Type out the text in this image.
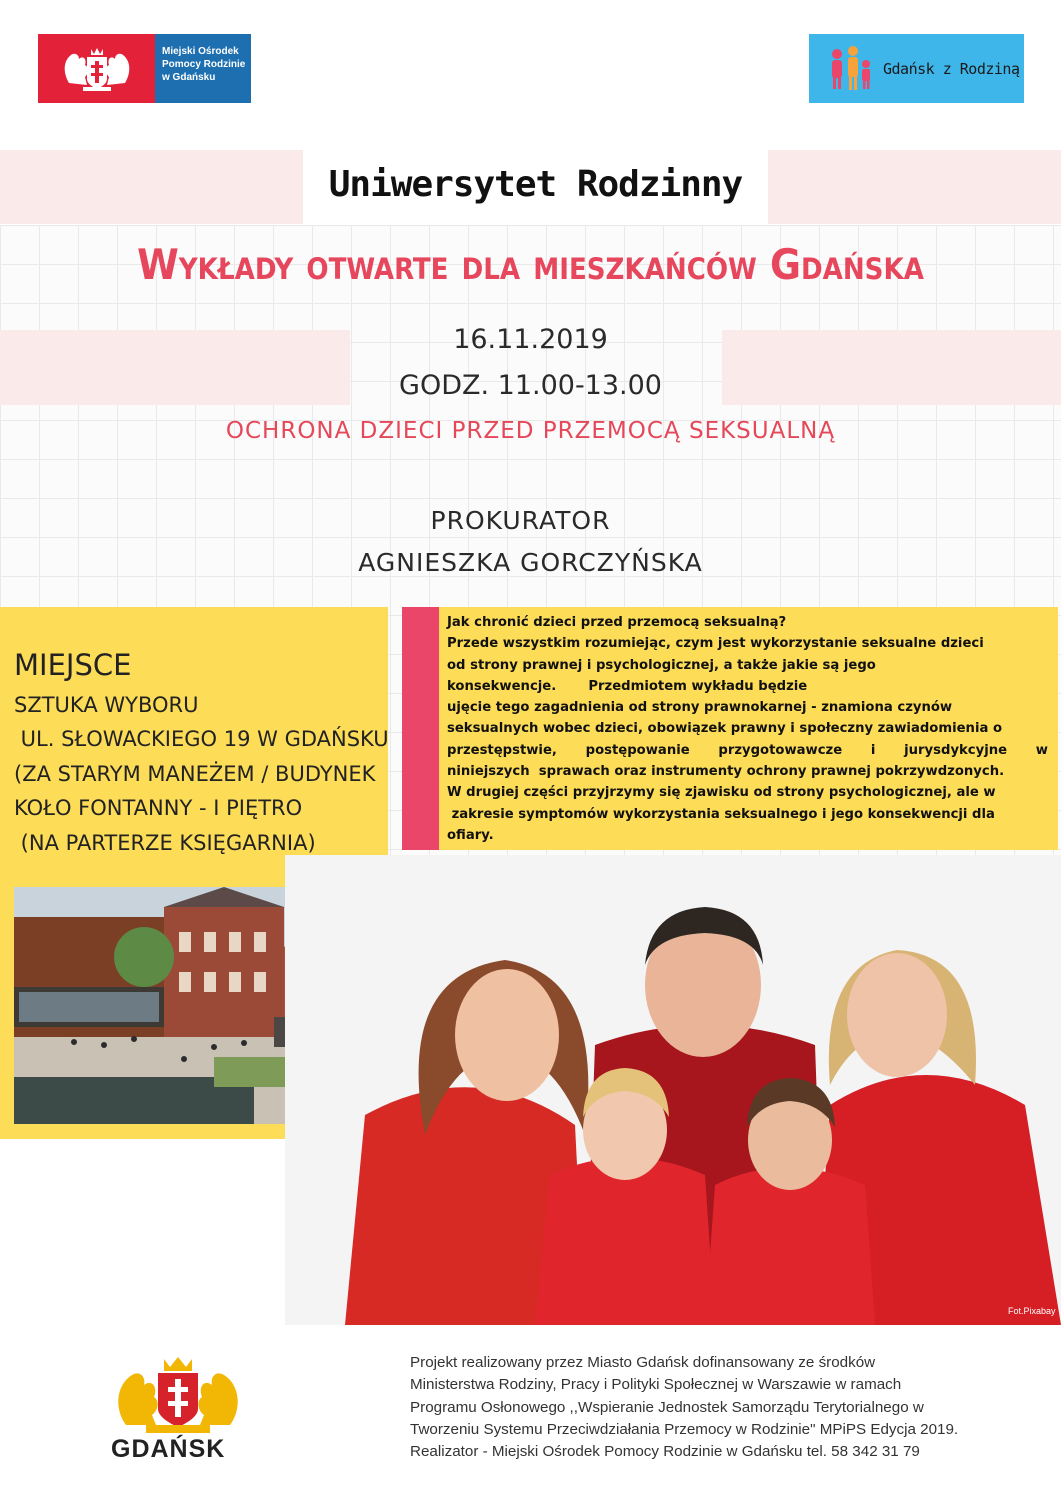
Miejski Ośrodek
Pomocy Rodzinie
w Gdańsku	Gdańsk z Rodziną
Uniwersytet Rodzinny
Wykłady otwarte dla mieszkańców Gdańska
16.11.2019
GODZ. 11.00-13.00
OCHRONA DZIECI PRZED PRZEMOCĄ SEKSUALNĄ
PROKURATOR
AGNIESZKA GORCZYŃSKA
MIEJSCE
SZTUKA WYBORU
UL. SŁOWACKIEGO 19 W GDAŃSKU
(ZA STARYM MANEŻEM / BUDYNEK
KOŁO FONTANNY - I PIĘTRO
(NA PARTERZE KSIĘGARNIA)
Jak chronić dzieci przed przemocą seksualną?
Przede wszystkim rozumiejąc, czym jest wykorzystanie seksualne dzieci
od strony prawnej i psychologicznej, a także jakie są jego
konsekwencje.       Przedmiotem wykładu będzie
ujęcie tego zagadnienia od strony prawnokarnej - znamiona czynów
seksualnych wobec dzieci, obowiązek prawny i społeczny zawiadomienia o
przestępstwie, postępowanie przygotowawcze i jurysdykcyjne w
niniejszych  sprawach oraz instrumenty ochrony prawnej pokrzywdzonych.
W drugiej części przyjrzymy się zjawisku od strony psychologicznej, ale w
zakresie symptomów wykorzystania seksualnego i jego konsekwencji dla
ofiary.
Fot.Pixabay
GDAŃSK
Projekt realizowany przez Miasto Gdańsk dofinansowany ze środków
Ministerstwa Rodziny, Pracy i Polityki Społecznej w Warszawie w ramach
Programu Osłonowego ,,Wspieranie Jednostek Samorządu Terytorialnego w
Tworzeniu Systemu Przeciwdziałania Przemocy w Rodzinie" MPiPS Edycja 2019.
Realizator - Miejski Ośrodek Pomocy Rodzinie w Gdańsku tel. 58 342 31 79
